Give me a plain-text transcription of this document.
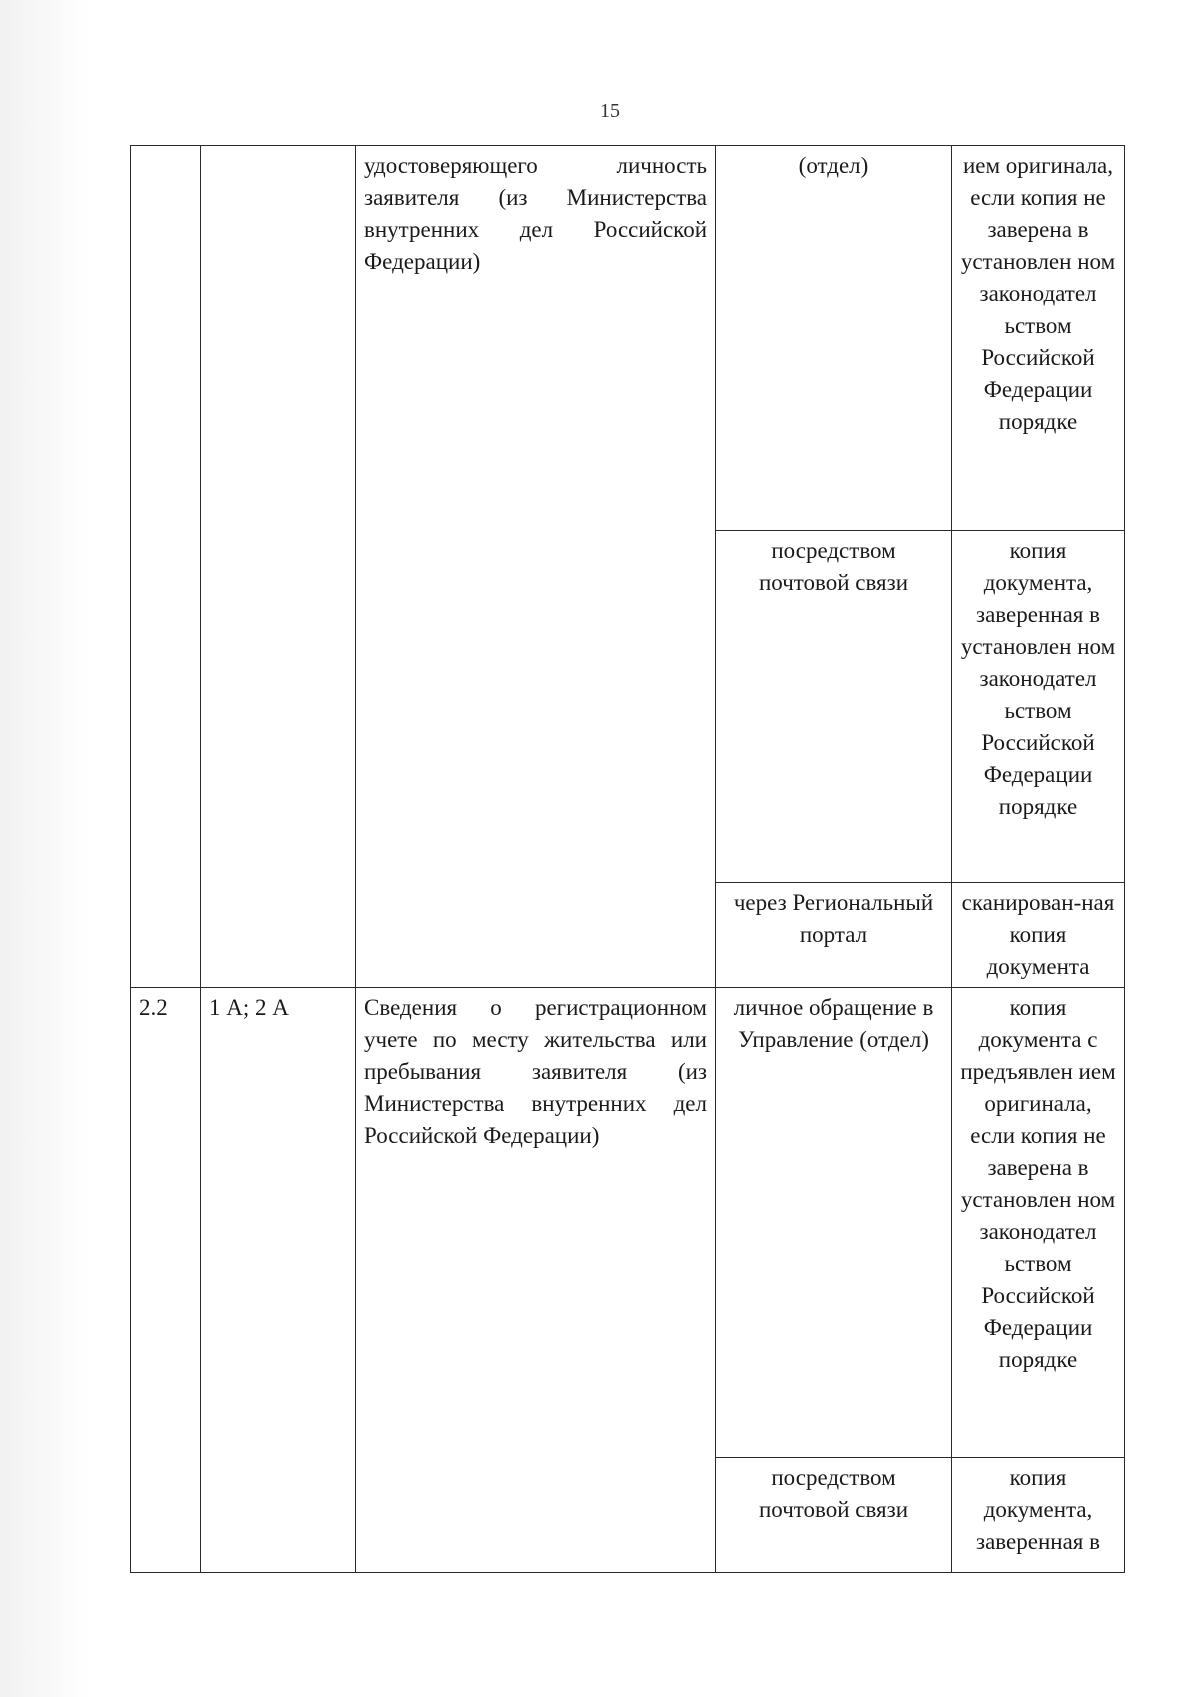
15
		удостоверяющего личность заявителя (из Министерства внутренних дел Российской Федерации)	(отдел)	ием оригинала, если копия не заверена в установлен ном законодател ьством Российской Федерации порядке
			посредством почтовой связи	копия документа, заверенная в установлен ном законодател ьством Российской Федерации порядке
			через Региональный портал	сканирован-ная копия документа
2.2	1 А; 2 А	Сведения о регистрационном учете по месту жительства или пребывания заявителя (из Министерства внутренних дел Российской Федерации)	личное обращение в Управление (отдел)	копия документа с предъявлен ием оригинала, если копия не заверена в установлен ном законодател ьством Российской Федерации порядке
			посредством почтовой связи	копия документа, заверенная в
